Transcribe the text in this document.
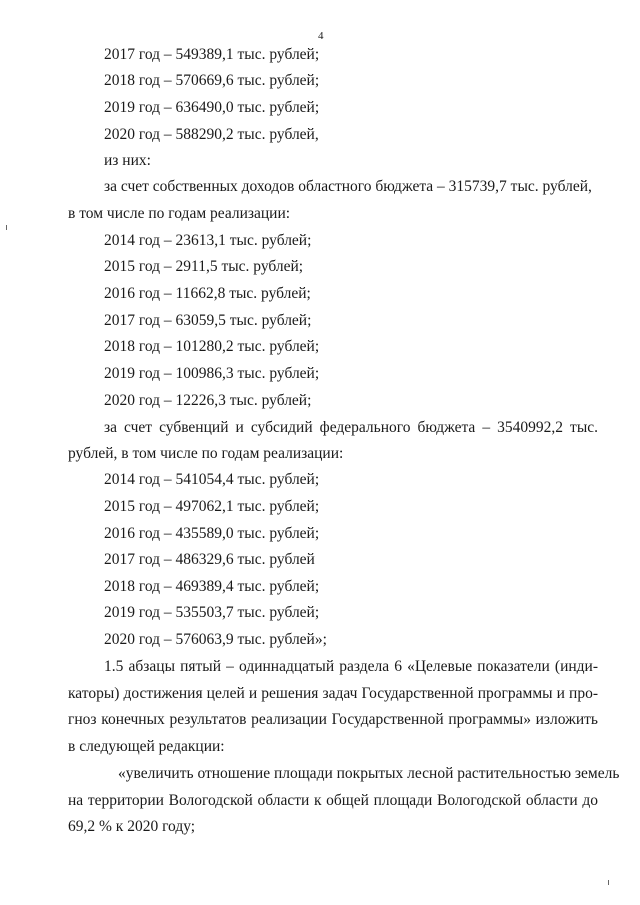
4
2017 год – 549389,1 тыс. рублей;
2018 год – 570669,6 тыс. рублей;
2019 год – 636490,0 тыс. рублей;
2020 год – 588290,2 тыс. рублей,
из них:
за счет собственных доходов областного бюджета – 315739,7 тыс. рублей,
в том числе по годам реализации:
2014 год – 23613,1 тыс. рублей;
2015 год – 2911,5 тыс. рублей;
2016 год – 11662,8 тыс. рублей;
2017 год – 63059,5 тыс. рублей;
2018 год – 101280,2 тыс. рублей;
2019 год – 100986,3 тыс. рублей;
2020 год – 12226,3 тыс. рублей;
за счет субвенций и субсидий федерального бюджета – 3540992,2 тыс.
рублей, в том числе по годам реализации:
2014 год – 541054,4 тыс. рублей;
2015 год – 497062,1 тыс. рублей;
2016 год – 435589,0 тыс. рублей;
2017 год – 486329,6 тыс. рублей
2018 год – 469389,4 тыс. рублей;
2019 год – 535503,7 тыс. рублей;
2020 год – 576063,9 тыс. рублей»;
1.5 абзацы пятый – одиннадцатый раздела 6 «Целевые показатели (инди-
каторы) достижения целей и решения задач Государственной программы и про-
гноз конечных результатов реализации Государственной программы» изложить
в следующей редакции:
«увеличить отношение площади покрытых лесной растительностью земель
на территории Вологодской области к общей площади Вологодской области до
69,2 % к 2020 году;
